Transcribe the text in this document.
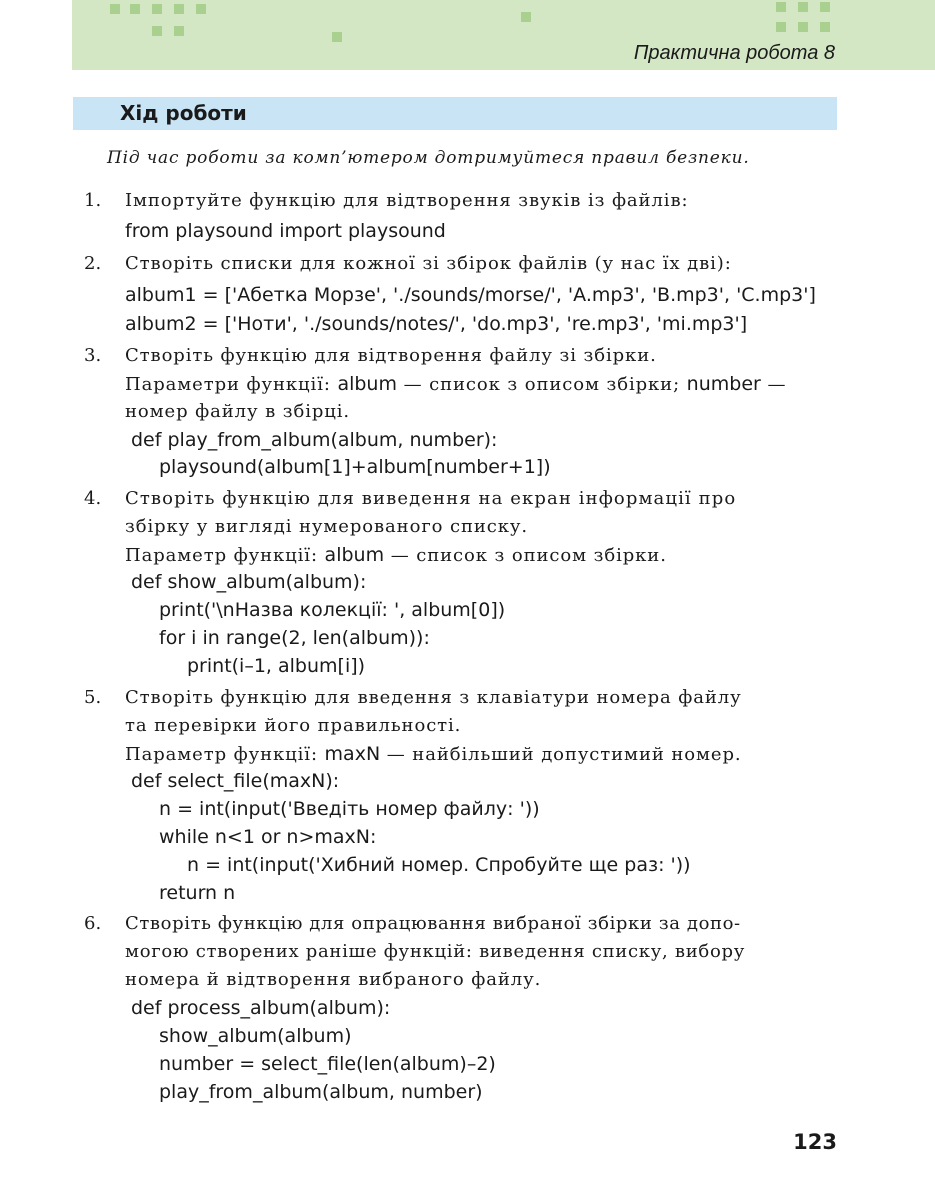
Практична робота 8
Хід роботи
Під час роботи за комп’ютером дотримуйтеся правил безпеки.
1. Імпортуйте функцію для відтворення звуків із файлів:
from playsound import playsound
2. Створіть списки для кожної зі збірок файлів (у нас їх дві):
album1 = ['Абетка Морзе', './sounds/morse/', 'A.mp3', 'B.mp3', 'C.mp3']
album2 = ['Ноти', './sounds/notes/', 'do.mp3', 're.mp3', 'mi.mp3']
3. Створіть функцію для відтворення файлу зі збірки.
Параметри функції: album — список з описом збірки; number —
номер файлу в збірці.
def play_from_album(album, number):
playsound(album[1]+album[number+1])
4. Створіть функцію для виведення на екран інформації про
збірку у вигляді нумерованого списку.
Параметр функції: album — список з описом збірки.
def show_album(album):
print('\nНазва колекції: ', album[0])
for i in range(2, len(album)):
print(i–1, album[i])
5. Створіть функцію для введення з клавіатури номера файлу
та перевірки його правильності.
Параметр функції: maxN — найбільший допустимий номер.
def select_file(maxN):
n = int(input('Введіть номер файлу: '))
while n<1 or n>maxN:
n = int(input('Хибний номер. Спробуйте ще раз: '))
return n
6. Створіть функцію для опрацювання вибраної збірки за допо-
могою створених раніше функцій: виведення списку, вибору
номера й відтворення вибраного файлу.
def process_album(album):
show_album(album)
number = select_file(len(album)–2)
play_from_album(album, number)
123
